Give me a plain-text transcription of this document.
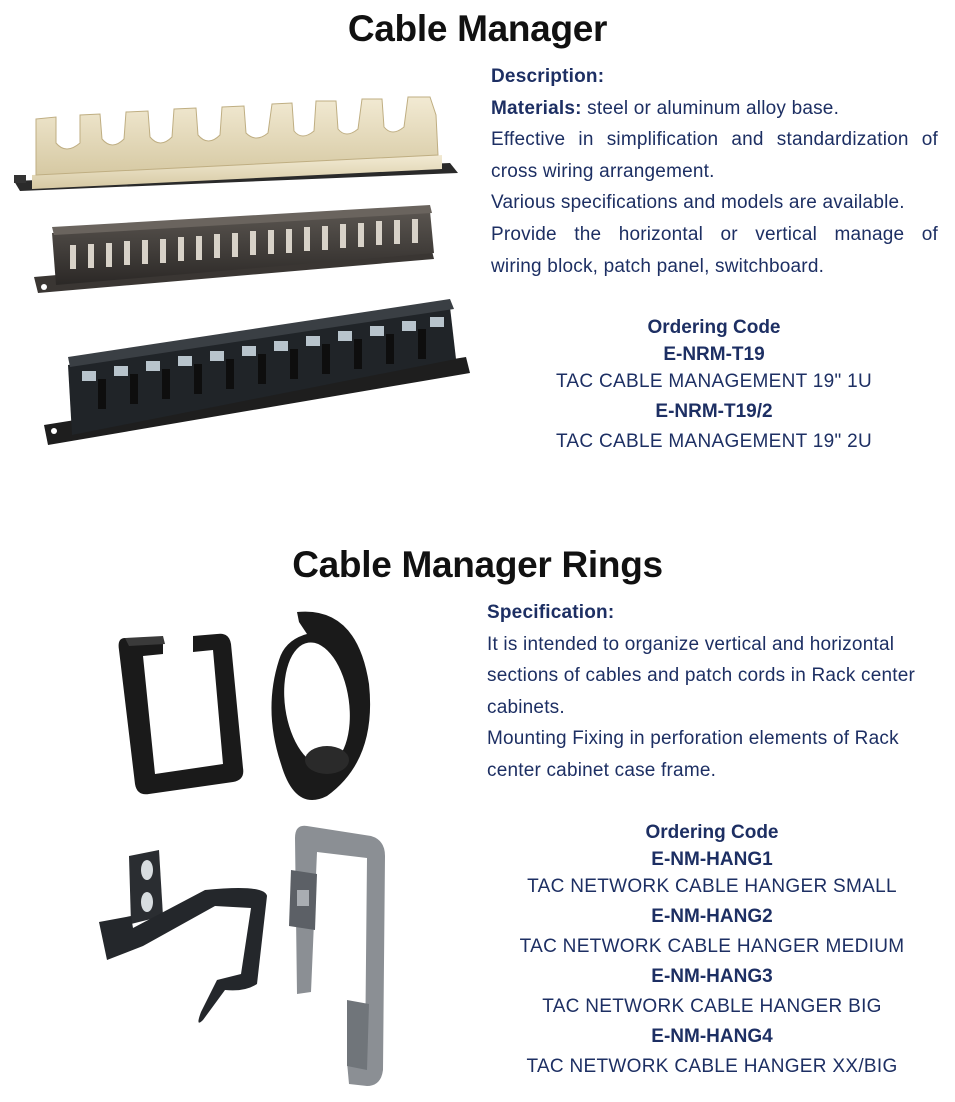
Cable Manager
Description:
Materials: steel or aluminum alloy base.
Effective in simplification and standardization of
cross wiring arrangement.
Various specifications and models are available.
Provide the horizontal or vertical manage of
wiring block, patch panel, switchboard.
Ordering Code
E-NRM-T19
TAC CABLE MANAGEMENT 19" 1U
E-NRM-T19/2
TAC CABLE MANAGEMENT 19" 2U
Cable Manager Rings
Specification:
It is intended to organize vertical and horizontal
sections of cables and patch cords in Rack center
cabinets.
Mounting Fixing in perforation elements of Rack
center cabinet case frame.
Ordering Code
E-NM-HANG1
TAC NETWORK CABLE HANGER SMALL
E-NM-HANG2
TAC NETWORK CABLE HANGER MEDIUM
E-NM-HANG3
TAC NETWORK CABLE HANGER BIG
E-NM-HANG4
TAC NETWORK CABLE HANGER XX/BIG
